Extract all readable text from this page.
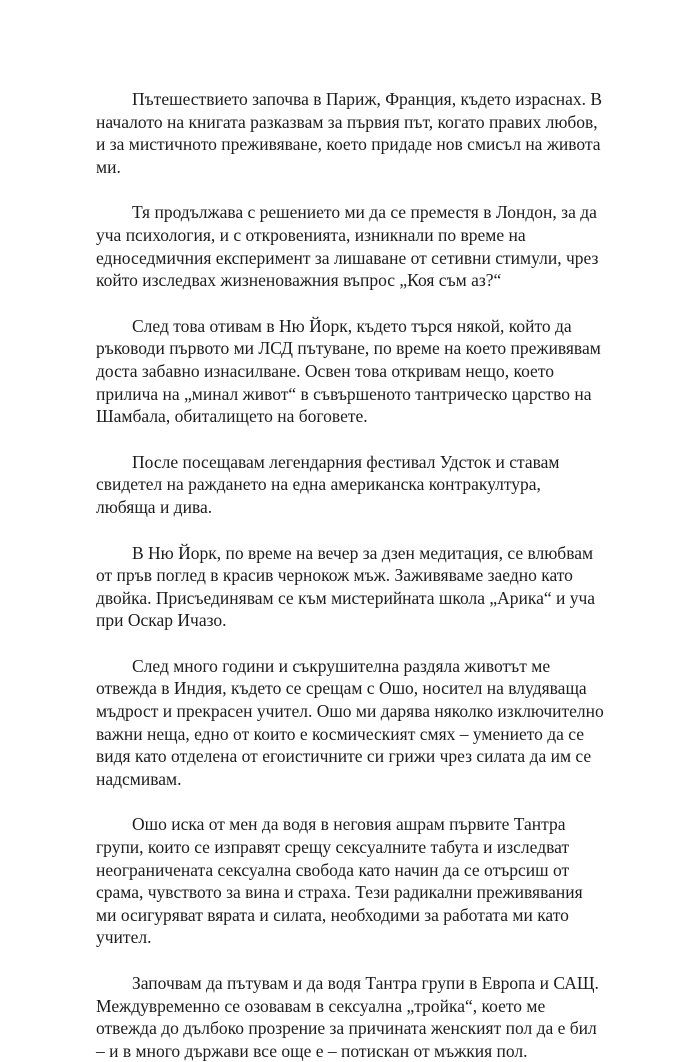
Пътешествието започва в Париж, Франция, където израснах. В началото на книгата разказвам за първия път, когато правих любов, и за мистичното преживяване, което придаде нов смисъл на живота ми.

Тя продължава с решението ми да се преместя в Лондон, за да уча психология, и с откровенията, изникнали по време на едноседмичния експеримент за лишаване от сетивни стимули, чрез който изследвах жизненоважния въпрос „Коя съм аз?“

След това отивам в Ню Йорк, където търся някой, който да ръководи първото ми ЛСД пътуване, по време на което преживявам доста забавно изнасилване. Освен това откривам нещо, което прилича на „минал живот“ в съвършеното тантрическо царство на Шамбала, обиталището на боговете.

После посещавам легендарния фестивал Удсток и ставам свидетел на раждането на една американска контракултура, любяща и дива.

В Ню Йорк, по време на вечер за дзен медитация, се влюбвам от пръв поглед в красив чернокож мъж. Заживяваме заедно като двойка. Присъединявам се към мистерийната школа „Арика“ и уча при Оскар Ичазо.

След много години и съкрушителна раздяла животът ме отвежда в Индия, където се срещам с Ошо, носител на влудяваща мъдрост и прекрасен учител. Ошо ми дарява няколко изключително важни неща, едно от които е космическият смях – умението да се видя като отделена от егоистичните си грижи чрез силата да им се надсмивам.

Ошо иска от мен да водя в неговия ашрам първите Тантра групи, които се изправят срещу сексуалните табута и изследват неограничената сексуална свобода като начин да се отърсиш от срама, чувството за вина и страха. Тези радикални преживявания ми осигуряват вярата и силата, необходими за работата ми като учител.

Започвам да пътувам и да водя Тантра групи в Европа и САЩ. Междувременно се озовавам в сексуална „тройка“, което ме отвежда до дълбоко прозрение за причината женският пол да е бил – и в много държави все още е – потискан от мъжкия пол.
